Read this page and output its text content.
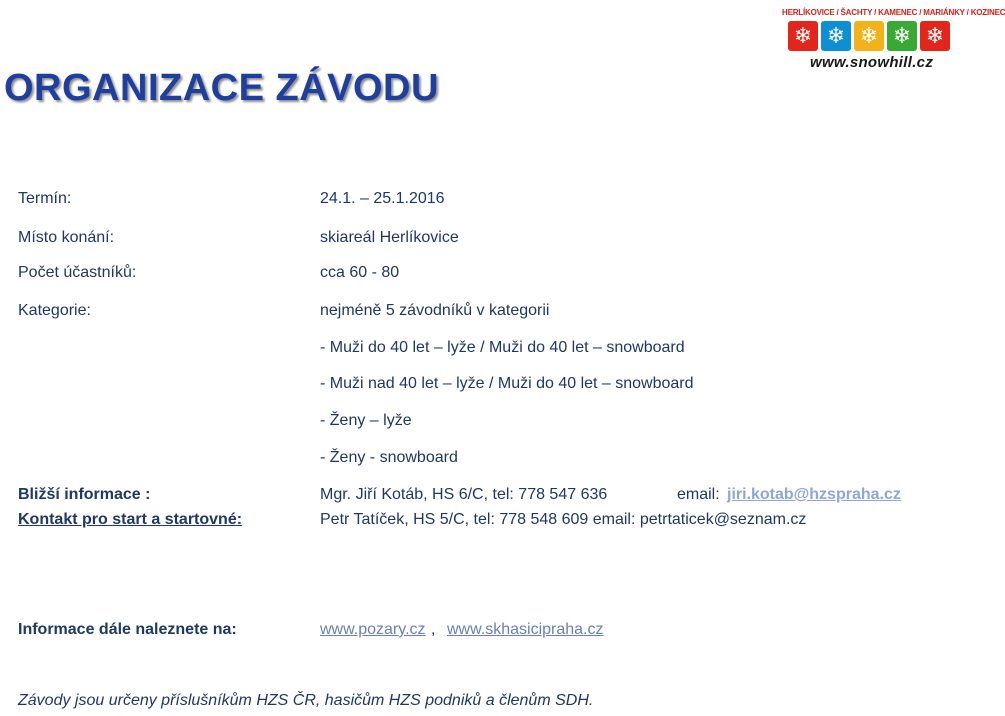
ORGANIZACE ZÁVODU
HERLÍKOVICE / ŠACHTY / KAMENEC / MARIÁNKY / KOZINEC
❄ ❄ ❄ ❄ ❄
www.snowhill.cz
Termín:	24.1. – 25.1.2016
Místo konání:	skiareál Herlíkovice
Počet účastníků:	cca 60 - 80
Kategorie:	nejméně 5 závodníků v kategorii
- Muži do 40 let – lyže / Muži do 40 let – snowboard
- Muži nad 40 let – lyže / Muži do 40 let – snowboard
- Ženy – lyže
- Ženy - snowboard
Bližší informace :	Mgr. Jiří Kotáb, HS 6/C, tel: 778 547 636	email: jiri.kotab@hzspraha.cz
Kontakt pro start a startovné:	Petr Tatíček, HS 5/C, tel: 778 548 609 email: petrtaticek@seznam.cz
Informace dále naleznete na:	www.pozary.cz , www.skhasicipraha.cz
Závody jsou určeny příslušníkům HZS ČR, hasičům HZS podniků a členům SDH.
